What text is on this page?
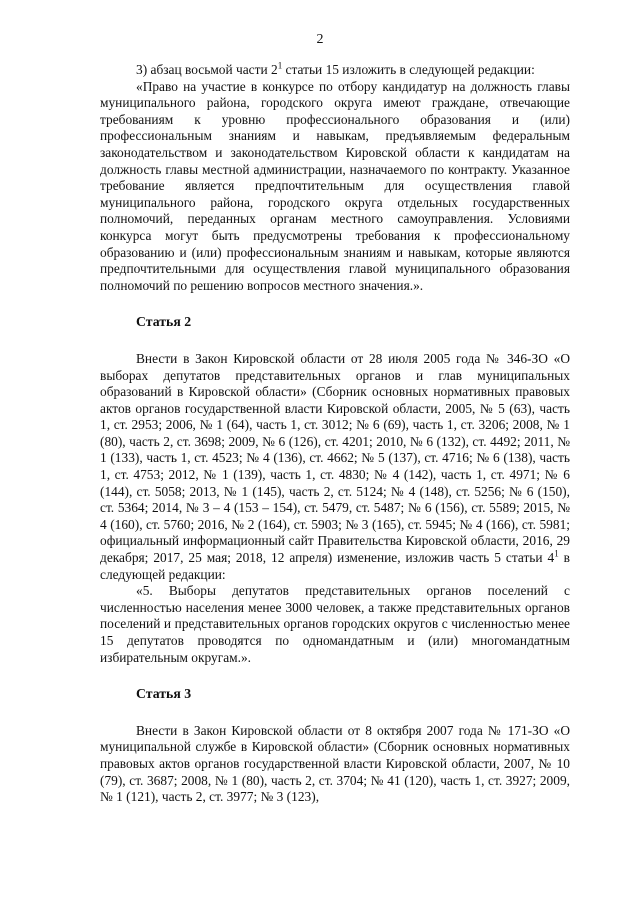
2

3) абзац восьмой части $2^1$ статьи 15 изложить в следующей редакции:

«Право на участие в конкурсе по отбору кандидатур на должность главы муниципального района, городского округа имеют граждане, отвечающие требованиям к уровню профессионального образования и (или) профессиональным знаниям и навыкам, предъявляемым федеральным законодательством и законодательством Кировской области к кандидатам на должность главы местной администрации, назначаемого по контракту. Указанное требование является предпочтительным для осуществления главой муниципального района, городского округа отдельных государственных полномочий, переданных органам местного самоуправления. Условиями конкурса могут быть предусмотрены требования к профессиональному образованию и (или) профессиональным знаниям и навыкам, которые являются предпочтительными для осуществления главой муниципального образования полномочий по решению вопросов местного значения.».

Статья 2

Внести в Закон Кировской области от 28 июля 2005 года № 346-ЗО «О выборах депутатов представительных органов и глав муниципальных образований в Кировской области» (Сборник основных нормативных правовых актов органов государственной власти Кировской области, 2005, № 5 (63), часть 1, ст. 2953; 2006, № 1 (64), часть 1, ст. 3012; № 6 (69), часть 1, ст. 3206; 2008, № 1 (80), часть 2, ст. 3698; 2009, № 6 (126), ст. 4201; 2010, № 6 (132), ст. 4492; 2011, № 1 (133), часть 1, ст. 4523; № 4 (136), ст. 4662; № 5 (137), ст. 4716; № 6 (138), часть 1, ст. 4753; 2012, № 1 (139), часть 1, ст. 4830; № 4 (142), часть 1, ст. 4971; № 6 (144), ст. 5058; 2013, № 1 (145), часть 2, ст. 5124; № 4 (148), ст. 5256; № 6 (150), ст. 5364; 2014, № 3 – 4 (153 – 154), ст. 5479, ст. 5487; № 6 (156), ст. 5589; 2015, № 4 (160), ст. 5760; 2016, № 2 (164), ст. 5903; № 3 (165), ст. 5945; № 4 (166), ст. 5981; официальный информационный сайт Правительства Кировской области, 2016, 29 декабря; 2017, 25 мая; 2018, 12 апреля) изменение, изложив часть 5 статьи $4^1$ в следующей редакции:

«5. Выборы депутатов представительных органов поселений с численностью населения менее 3000 человек, а также представительных органов поселений и представительных органов городских округов с численностью менее 15 депутатов проводятся по одномандатным и (или) многомандатным избирательным округам.».

Статья 3

Внести в Закон Кировской области от 8 октября 2007 года № 171-ЗО «О муниципальной службе в Кировской области» (Сборник основных нормативных правовых актов органов государственной власти Кировской области, 2007, № 10 (79), ст. 3687; 2008, № 1 (80), часть 2, ст. 3704; № 41 (120), часть 1, ст. 3927; 2009, № 1 (121), часть 2, ст. 3977; № 3 (123),
